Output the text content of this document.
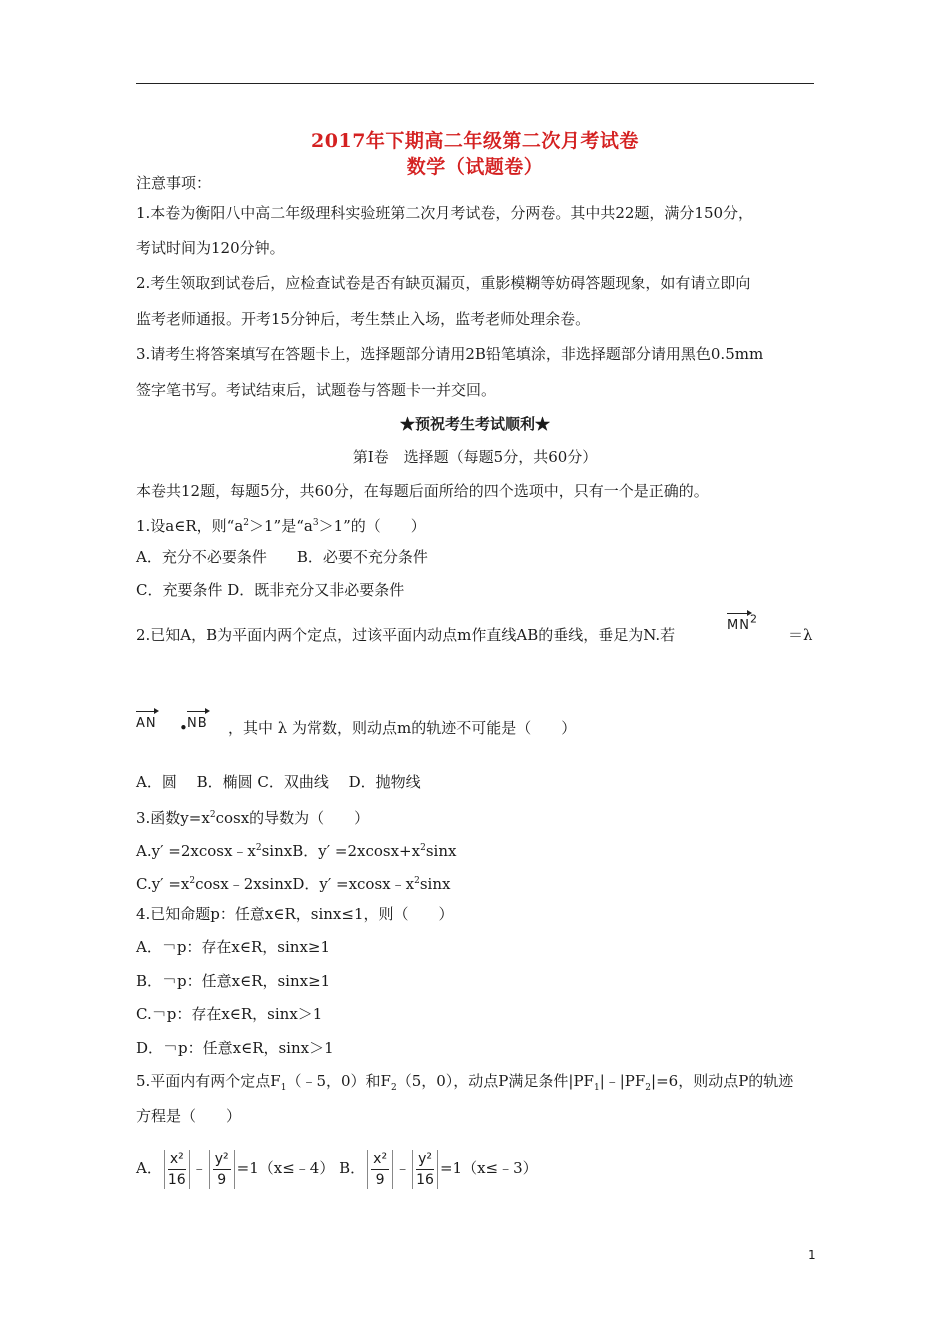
2017年下期高二年级第二次月考试卷
数学（试题卷）
注意事项：
1.本卷为衡阳八中高二年级理科实验班第二次月考试卷，分两卷。其中共22题，满分150分，
考试时间为120分钟。
2.考生领取到试卷后，应检查试卷是否有缺页漏页，重影模糊等妨碍答题现象，如有请立即向
监考老师通报。开考15分钟后，考生禁止入场，监考老师处理余卷。
3.请考生将答案填写在答题卡上，选择题部分请用2B铅笔填涂，非选择题部分请用黑色0.5mm
签字笔书写。考试结束后，试题卷与答题卡一并交回。
★预祝考生考试顺利★
第Ⅰ卷　选择题（每题5分，共60分）
本卷共12题，每题5分，共60分，在每题后面所给的四个选项中，只有一个是正确的。
1.设a∈R，则“$a^2>1$”是“$a^3>1$”的（　　）
A．充分不必要条件　　B．必要不充分条件
C．充要条件 D．既非充分又非必要条件
2.已知A，B为平面内两个定点，过该平面内动点m作直线AB的垂线，垂足为N.若
$MN^2$
＝λ
AN • NB ，其中 λ 为常数，则动点m的轨迹不可能是（　　）
A．圆　 B．椭圆 C．双曲线　 D．抛物线
3.函数$y=x^2\cos x$的导数为（　　）
$A.y' =2xcosx﹣x^2sinxB$．$y' =2xcosx+x^2\sin x$
$C.y' =x^2\cos x﹣2xsinxD$．$y' =xcosx﹣x^2\sin x$
4.已知命题p：任意x∈R，sinx≤1，则（　　）
A．￢p：存在x∈R，sinx≥1
B．￢p：任意x∈R，sinx≥1
C.￢p：存在x∈R，sinx＞1
D．￢p：任意x∈R，sinx＞1
5.平面内有两个定点$F_1(﹣5$，0）和$F_2(5$，0），动点P满足条件$|PF_1|﹣|PF_2|=6$，则动点P的轨迹
方程是（　　）
A． $\frac{\text{x²}}{16}$ ﹣ $\frac{\text{y²}}{9}$ =1（x≤﹣4） B． $\frac{\text{x²}}{9}$ ﹣ $\frac{\text{y²}}{16}$ =1（x≤﹣3）
1
